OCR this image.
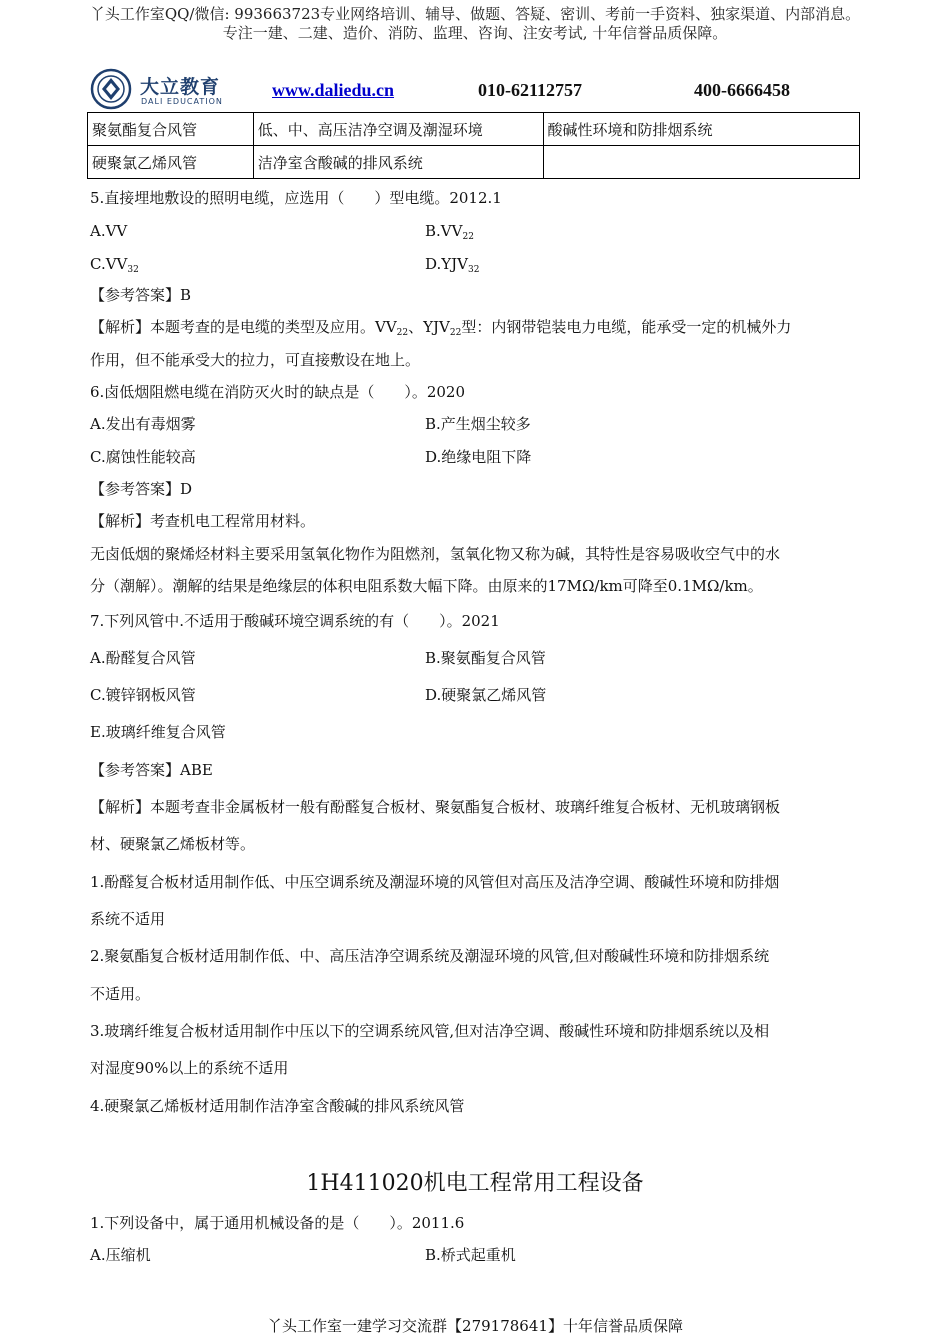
丫头工作室QQ/微信: 993663723专业网络培训、辅导、做题、答疑、密训、考前一手资料、独家渠道、内部消息。
专注一建、二建、造价、消防、监理、咨询、注安考试, 十年信誉品质保障。
大立教育
DALI EDUCATION
www.daliedu.cn	010-62112757	400-6666458
聚氨酯复合风管	低、中、高压洁净空调及潮湿环境	酸碱性环境和防排烟系统
硬聚氯乙烯风管	洁净室含酸碱的排风系统	
5.直接埋地敷设的照明电缆，应选用（　　）型电缆。2012.1
A.VV	$B.VV_{22}$
$C.VV_{32}$	$D.YJV_{32}$
【参考答案】B
【解析】本题考查的是电缆的类型及应用。$VV_{22}$、$YJV_{22}$型：内钢带铠装电力电缆，能承受一定的机械外力
作用，但不能承受大的拉力，可直接敷设在地上。
6.卤低烟阻燃电缆在消防灭火时的缺点是（　　）。2020
A.发出有毒烟雾	B.产生烟尘较多
C.腐蚀性能较高	D.绝缘电阻下降
【参考答案】D
【解析】考查机电工程常用材料。
无卤低烟的聚烯烃材料主要采用氢氧化物作为阻燃剂，氢氧化物又称为碱，其特性是容易吸收空气中的水
分（潮解）。潮解的结果是绝缘层的体积电阻系数大幅下降。由原来的17MΩ/km可降至0.1MΩ/km。
7.下列风管中.不适用于酸碱环境空调系统的有（　　）。2021
A.酚醛复合风管	B.聚氨酯复合风管
C.镀锌钢板风管	D.硬聚氯乙烯风管
E.玻璃纤维复合风管
【参考答案】ABE
【解析】本题考查非金属板材一般有酚醛复合板材、聚氨酯复合板材、玻璃纤维复合板材、无机玻璃钢板
材、硬聚氯乙烯板材等。
1.酚醛复合板材适用制作低、中压空调系统及潮湿环境的风管但对高压及洁净空调、酸碱性环境和防排烟
系统不适用
2.聚氨酯复合板材适用制作低、中、高压洁净空调系统及潮湿环境的风管,但对酸碱性环境和防排烟系统
不适用。
3.玻璃纤维复合板材适用制作中压以下的空调系统风管,但对洁净空调、酸碱性环境和防排烟系统以及相
对湿度90%以上的系统不适用
4.硬聚氯乙烯板材适用制作洁净室含酸碱的排风系统风管
1H411020机电工程常用工程设备
1.下列设备中，属于通用机械设备的是（　　）。2011.6
A.压缩机	B.桥式起重机
丫头工作室一建学习交流群【279178641】十年信誉品质保障
